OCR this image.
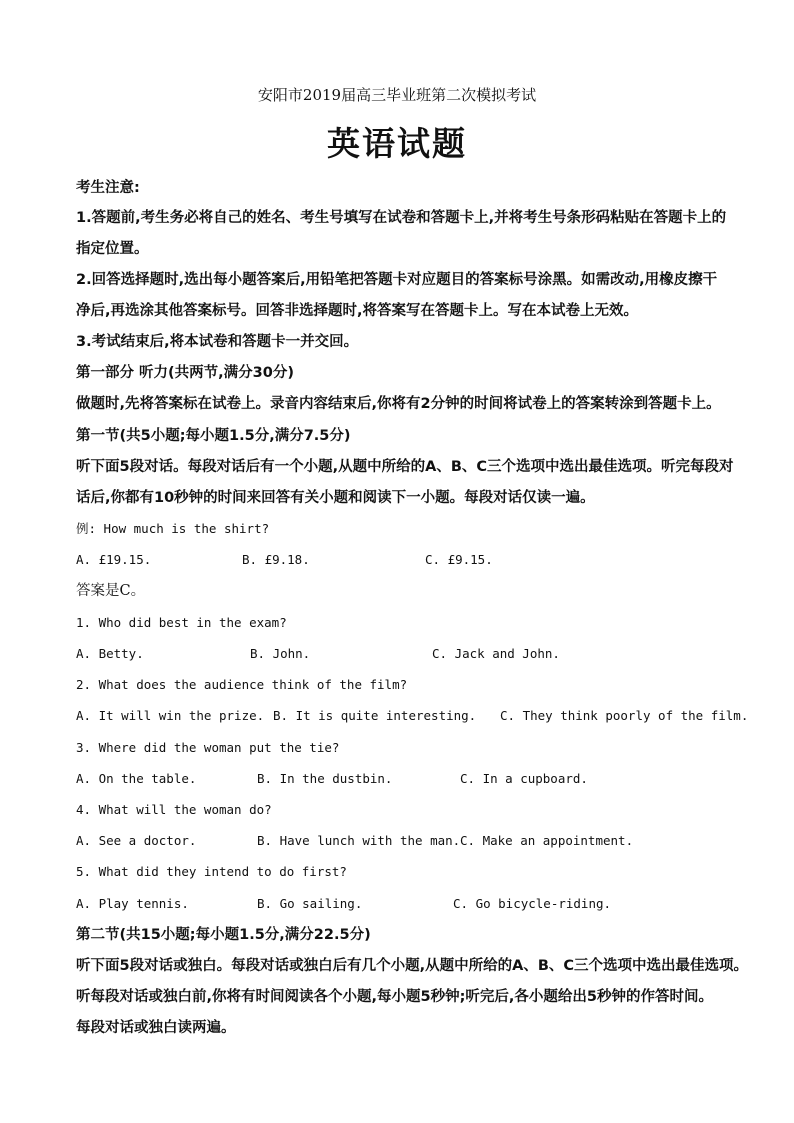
安阳市2019届高三毕业班第二次模拟考试
英语试题
考生注意:
1.答题前,考生务必将自己的姓名、考生号填写在试卷和答题卡上,并将考生号条形码粘贴在答题卡上的
指定位置。
2.回答选择题时,选出每小题答案后,用铅笔把答题卡对应题目的答案标号涂黑。如需改动,用橡皮擦干
净后,再选涂其他答案标号。回答非选择题时,将答案写在答题卡上。写在本试卷上无效。
3.考试结束后,将本试卷和答题卡一并交回。
第一部分 听力(共两节,满分30分)
做题时,先将答案标在试卷上。录音内容结束后,你将有2分钟的时间将试卷上的答案转涂到答题卡上。
第一节(共5小题;每小题1.5分,满分7.5分)
听下面5段对话。每段对话后有一个小题,从题中所给的A、B、C三个选项中选出最佳选项。听完每段对
话后,你都有10秒钟的时间来回答有关小题和阅读下一小题。每段对话仅读一遍。
例: How much is the shirt?
A. £19.15.	B. £9.18.	C. £9.15.
答案是C。
1. Who did best in the exam?
A. Betty.	B. John.	C. Jack and John.
2. What does the audience think of the film?
A. It will win the prize. B. It is quite interesting. C. They think poorly of the film.
3. Where did the woman put the tie?
A. On the table.	B. In the dustbin.	C. In a cupboard.
4. What will the woman do?
A. See a doctor.	B. Have lunch with the man. C. Make an appointment.
5. What did they intend to do first?
A. Play tennis.	B. Go sailing.	C. Go bicycle-riding.
第二节(共15小题;每小题1.5分,满分22.5分)
听下面5段对话或独白。每段对话或独白后有几个小题,从题中所给的A、B、C三个选项中选出最佳选项。
听每段对话或独白前,你将有时间阅读各个小题,每小题5秒钟;听完后,各小题给出5秒钟的作答时间。
每段对话或独白读两遍。
